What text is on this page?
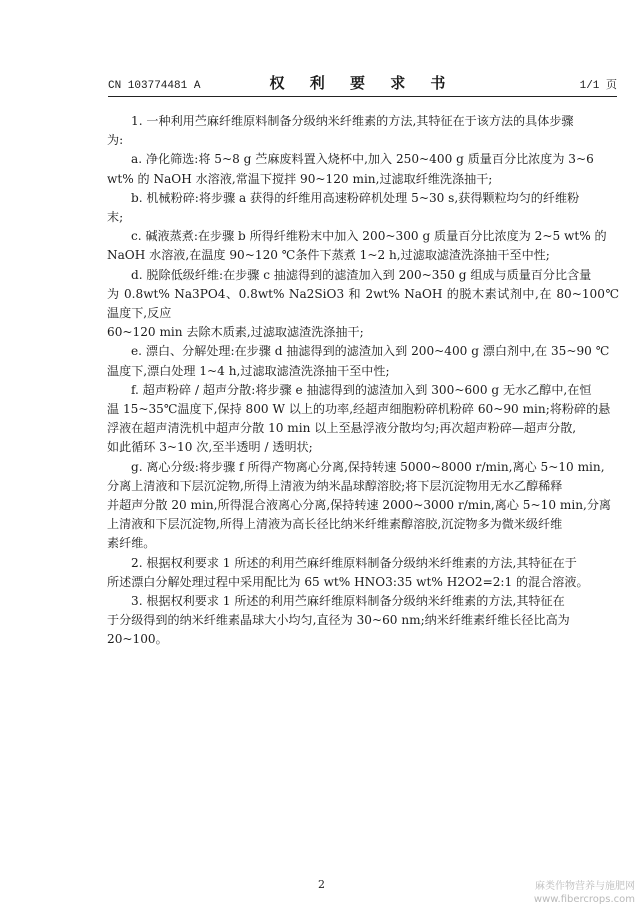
CN 103774481 A	权 利 要 求 书	1/1 页
1. 一种利用苎麻纤维原料制备分级纳米纤维素的方法,其特征在于该方法的具体步骤
为:
a. 净化筛选:将 5~8 g 苎麻废料置入烧杯中,加入 250~400 g 质量百分比浓度为 3~6
wt% 的 NaOH 水溶液,常温下搅拌 90~120 min,过滤取纤维洗涤抽干;
b. 机械粉碎:将步骤 a 获得的纤维用高速粉碎机处理 5~30 s,获得颗粒均匀的纤维粉
末;
c. 碱液蒸煮:在步骤 b 所得纤维粉末中加入 200~300 g 质量百分比浓度为 2~5 wt% 的
NaOH 水溶液,在温度 90~120 ℃条件下蒸煮 1~2 h,过滤取滤渣洗涤抽干至中性;
d. 脱除低级纤维:在步骤 c 抽滤得到的滤渣加入到 200~350 g 组成与质量百分比含量
为 0.8wt% Na3PO4、0.8wt% Na2SiO3 和 2wt% NaOH 的脱木素试剂中,在 80~100℃温度下,反应
60~120 min 去除木质素,过滤取滤渣洗涤抽干;
e. 漂白、分解处理:在步骤 d 抽滤得到的滤渣加入到 200~400 g 漂白剂中,在 35~90 ℃
温度下,漂白处理 1~4 h,过滤取滤渣洗涤抽干至中性;
f. 超声粉碎 / 超声分散:将步骤 e 抽滤得到的滤渣加入到 300~600 g 无水乙醇中,在恒
温 15~35℃温度下,保持 800 W 以上的功率,经超声细胞粉碎机粉碎 60~90 min;将粉碎的悬
浮液在超声清洗机中超声分散 10 min 以上至悬浮液分散均匀;再次超声粉碎—超声分散,
如此循环 3~10 次,至半透明 / 透明状;
g. 离心分级:将步骤 f 所得产物离心分离,保持转速 5000~8000 r/min,离心 5~10 min,
分离上清液和下层沉淀物,所得上清液为纳米晶球醇溶胶;将下层沉淀物用无水乙醇稀释
并超声分散 20 min,所得混合液离心分离,保持转速 2000~3000 r/min,离心 5~10 min,分离
上清液和下层沉淀物,所得上清液为高长径比纳米纤维素醇溶胶,沉淀物多为微米级纤维
素纤维。
2. 根据权利要求 1 所述的利用苎麻纤维原料制备分级纳米纤维素的方法,其特征在于
所述漂白分解处理过程中采用配比为 65 wt% HNO3:35 wt% H2O2=2:1 的混合溶液。
3. 根据权利要求 1 所述的利用苎麻纤维原料制备分级纳米纤维素的方法,其特征在
于分级得到的纳米纤维素晶球大小均匀,直径为 30~60 nm;纳米纤维素纤维长径比高为
20~100。
2	麻类作物营养与施肥网
www.fibercrops.com
